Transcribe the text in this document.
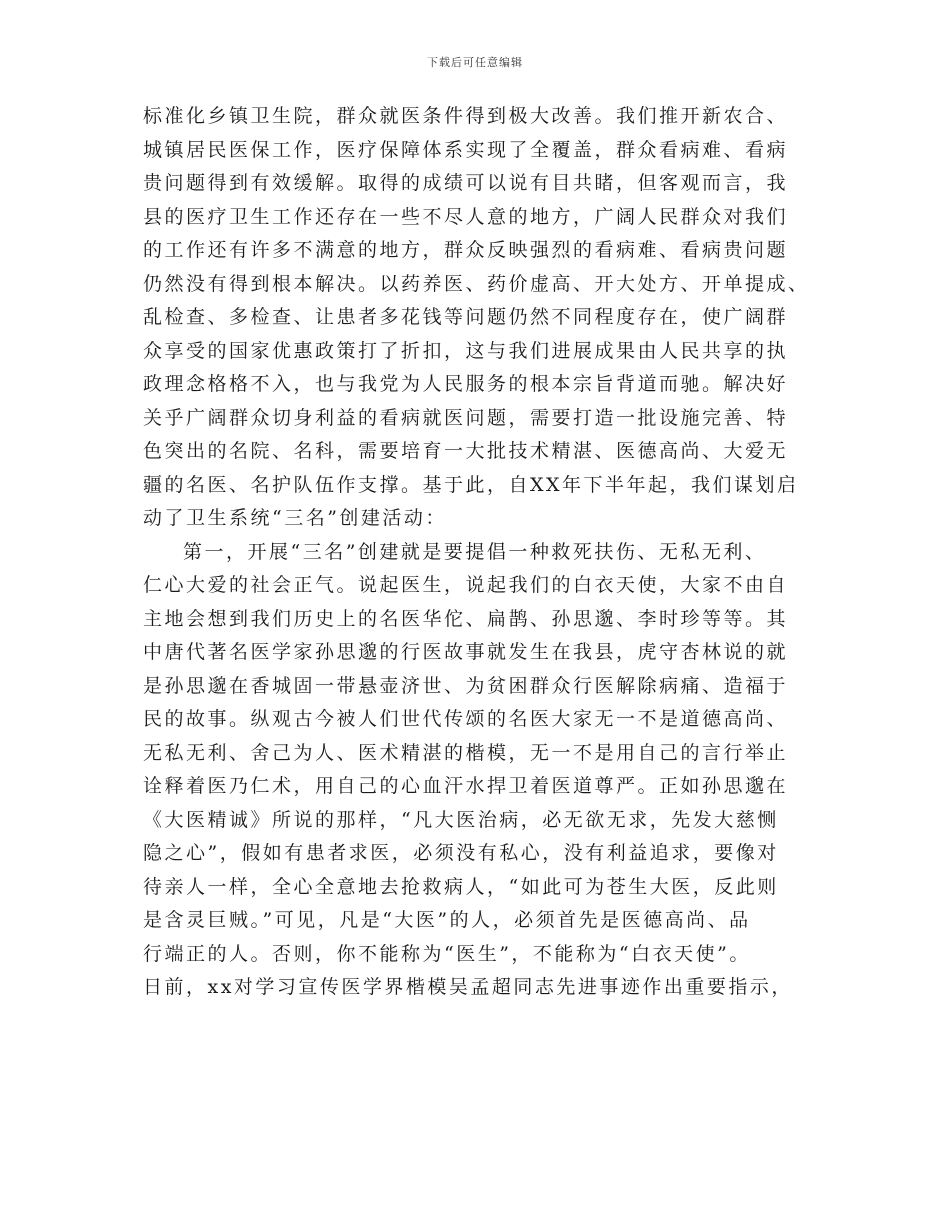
下载后可任意编辑
标准化乡镇卫生院，群众就医条件得到极大改善。我们推开新农合、
城镇居民医保工作，医疗保障体系实现了全覆盖，群众看病难、看病
贵问题得到有效缓解。取得的成绩可以说有目共睹，但客观而言，我
县的医疗卫生工作还存在一些不尽人意的地方，广阔人民群众对我们
的工作还有许多不满意的地方，群众反映强烈的看病难、看病贵问题
仍然没有得到根本解决。以药养医、药价虚高、开大处方、开单提成、
乱检查、多检查、让患者多花钱等问题仍然不同程度存在，使广阔群
众享受的国家优惠政策打了折扣，这与我们进展成果由人民共享的执
政理念格格不入，也与我党为人民服务的根本宗旨背道而驰。解决好
关乎广阔群众切身利益的看病就医问题，需要打造一批设施完善、特
色突出的名院、名科，需要培育一大批技术精湛、医德高尚、大爱无
疆的名医、名护队伍作支撑。基于此，自XX年下半年起，我们谋划启
动了卫生系统“三名”创建活动：
第一，开展“三名”创建就是要提倡一种救死扶伤、无私无利、
仁心大爱的社会正气。说起医生，说起我们的白衣天使，大家不由自
主地会想到我们历史上的名医华佗、扁鹊、孙思邈、李时珍等等。其
中唐代著名医学家孙思邈的行医故事就发生在我县，虎守杏林说的就
是孙思邈在香城固一带悬壶济世、为贫困群众行医解除病痛、造福于
民的故事。纵观古今被人们世代传颂的名医大家无一不是道德高尚、
无私无利、舍己为人、医术精湛的楷模，无一不是用自己的言行举止
诠释着医乃仁术，用自己的心血汗水捍卫着医道尊严。正如孙思邈在
《大医精诚》所说的那样，“凡大医治病，必无欲无求，先发大慈恻
隐之心”，假如有患者求医，必须没有私心，没有利益追求，要像对
待亲人一样，全心全意地去抢救病人，“如此可为苍生大医，反此则
是含灵巨贼。”可见，凡是“大医”的人，必须首先是医德高尚、品
行端正的人。否则，你不能称为“医生”，不能称为“白衣天使”。
日前，xx对学习宣传医学界楷模吴孟超同志先进事迹作出重要指示，
